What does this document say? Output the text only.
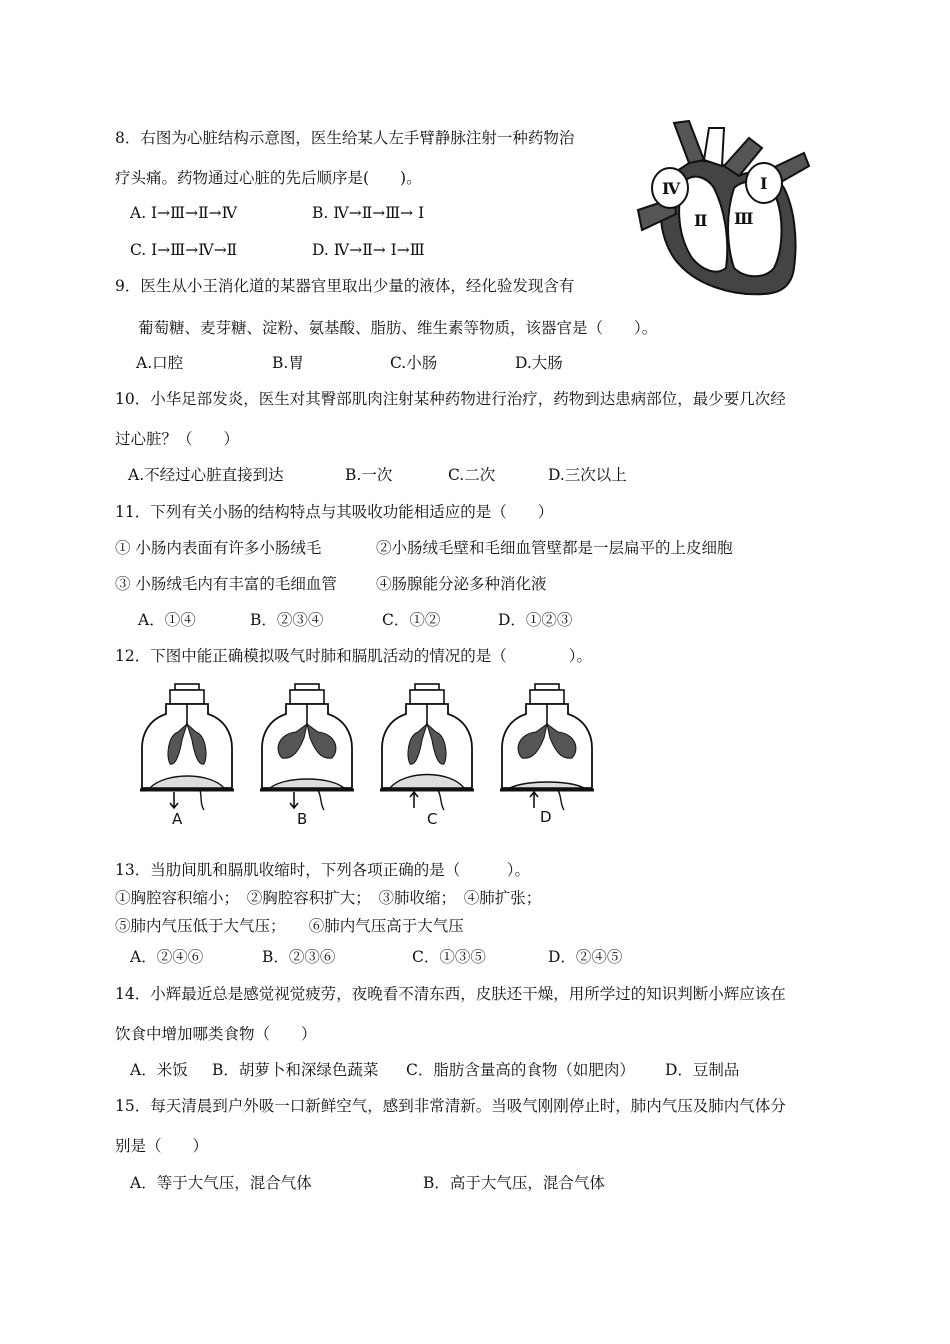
8．右图为心脏结构示意图，医生给某人左手臂静脉注射一种药物治
疗头痛。药物通过心脏的先后顺序是(　　)。
A. Ⅰ→Ⅲ→Ⅱ→Ⅳ	B. Ⅳ→Ⅱ→Ⅲ→ Ⅰ
C. Ⅰ→Ⅲ→Ⅳ→Ⅱ	D. Ⅳ→Ⅱ→ Ⅰ→Ⅲ
Ⅳ	Ⅰ
Ⅱ Ⅲ
9．医生从小王消化道的某器官里取出少量的液体，经化验发现含有
葡萄糖、麦芽糖、淀粉、氨基酸、脂肪、维生素等物质，该器官是（　　）。
A.口腔	B.胃	C.小肠	D.大肠
10．小华足部发炎，医生对其臀部肌肉注射某种药物进行治疗，药物到达患病部位，最少要几次经
过心脏？（　　）
A.不经过心脏直接到达	B.一次	C.二次	D.三次以上
11．下列有关小肠的结构特点与其吸收功能相适应的是（　　）
① 小肠内表面有许多小肠绒毛	②小肠绒毛壁和毛细血管壁都是一层扁平的上皮细胞
③ 小肠绒毛内有丰富的毛细血管	④肠腺能分泌多种消化液
A．①④	B．②③④	C．①②	D．①②③
12．下图中能正确模拟吸气时肺和膈肌活动的情况的是（　　　　）。
A	B	C	D
13．当肋间肌和膈肌收缩时，下列各项正确的是（　　　）。
①胸腔容积缩小；　②胸腔容积扩大；　③肺收缩；　④肺扩张；
⑤肺内气压低于大气压；　　⑥肺内气压高于大气压
A．②④⑥	B．②③⑥	C．①③⑤	D．②④⑤
14．小辉最近总是感觉视觉疲劳，夜晚看不清东西，皮肤还干燥，用所学过的知识判断小辉应该在
饮食中增加哪类食物（　　）
A．米饭 B．胡萝卜和深绿色蔬菜 C．脂肪含量高的食物（如肥肉） D．豆制品
15．每天清晨到户外吸一口新鲜空气，感到非常清新。当吸气刚刚停止时，肺内气压及肺内气体分
别是（　　）
A．等于大气压，混合气体	B．高于大气压，混合气体
